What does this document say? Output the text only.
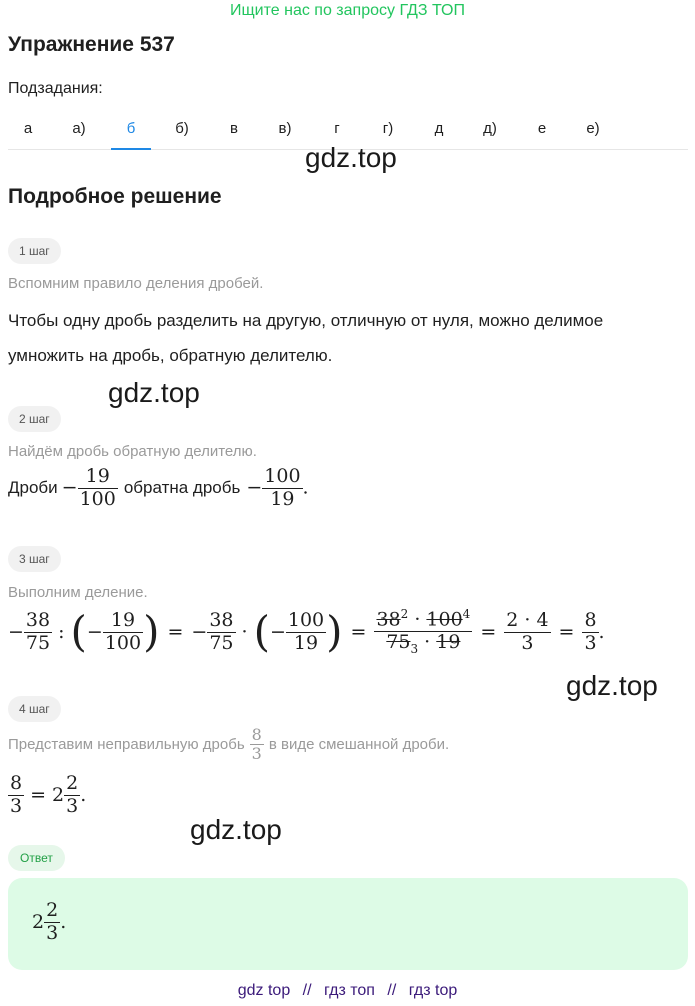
Ищите нас по запросу ГДЗ ТОП
Упражнение 537
Подзадания:
а	а)	б	б)	в	в)	г	г)	д	д)	е	е)
gdz.top
Подробное решение
1 шаг
Вспомним правило деления дробей.
Чтобы одну дробь разделить на другую, отличную от нуля, можно делимое
умножить на дробь, обратную делителю.
gdz.top
2 шаг
Найдём дробь обратную делителю.
Дроби − $\frac{19}{100}$ обратна дробь − $\frac{100}{19}$ .
3 шаг
Выполним деление.
− $\frac{38}{75}$ : ( − $\frac{19}{100}$ ) = − $\frac{38}{75}$ · ( − $\frac{100}{19}$ ) = $\frac{38^2 \cdot 100^4}{75_3 \cdot 19} = \frac{2 \cdot 4}{3} = \frac{8}{3}$ .
gdz.top
4 шаг
Представим неправильную дробь $\frac{8}{3}$ в виде смешанной дроби.
$\frac{8}{3} = 2 \frac{2}{3}$ .
gdz.top
Ответ
$2 \frac{2}{3}$ .
gdz top // гдз топ // гдз top
